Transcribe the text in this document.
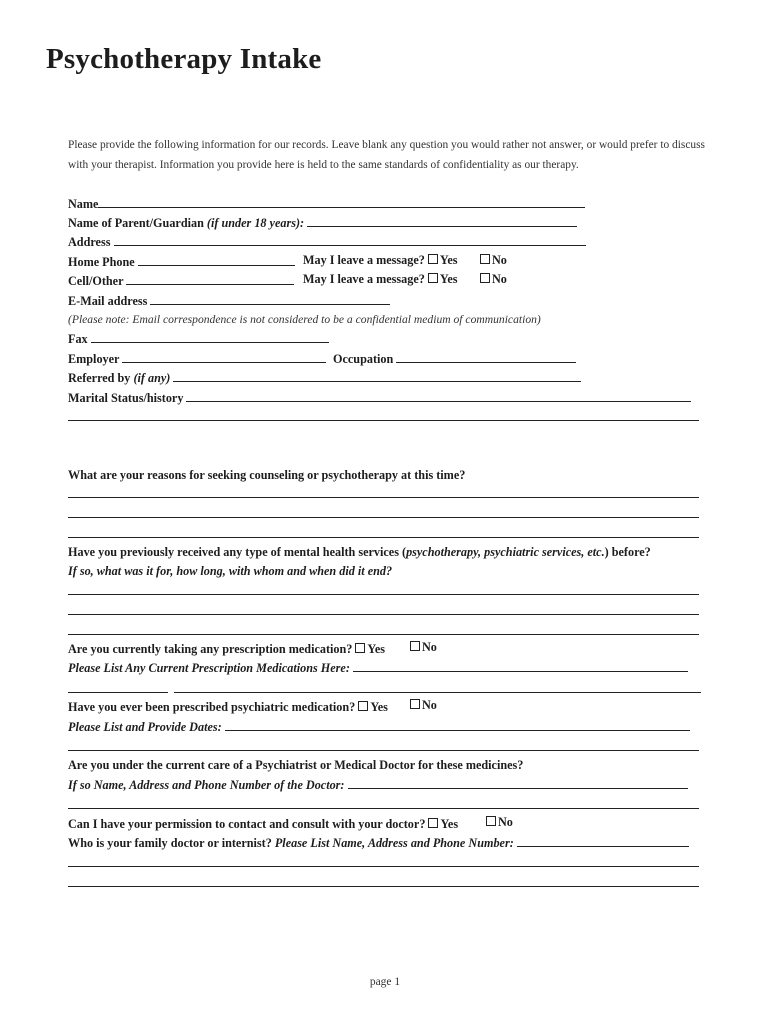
Psychotherapy Intake
Please provide the following information for our records. Leave blank any question you would rather not answer, or would prefer to discuss with your therapist. Information you provide here is held to the same standards of confidentiality as our therapy.
Name
Name of Parent/Guardian (if under 18 years):
Address
Home Phone	May I leave a message? Yes	No
Cell/Other	May I leave a message? Yes	No
E-Mail address
(Please note: Email correspondence is not considered to be a confidential medium of communication)
Fax
Employer	Occupation
Referred by (if any)
Marital Status/history
What are your reasons for seeking counseling or psychotherapy at this time?
Have you previously received any type of mental health services (psychotherapy, psychiatric services, etc.) before?
If so, what was it for, how long, with whom and when did it end?
Are you currently taking any prescription medication? Yes	No
Please List Any Current Prescription Medications Here:
Have you ever been prescribed psychiatric medication? Yes	No
Please List and Provide Dates:
Are you under the current care of a Psychiatrist or Medical Doctor for these medicines?
If so Name, Address and Phone Number of the Doctor:
Can I have your permission to contact and consult with your doctor? Yes	No
Who is your family doctor or internist? Please List Name, Address and Phone Number:
page 1
